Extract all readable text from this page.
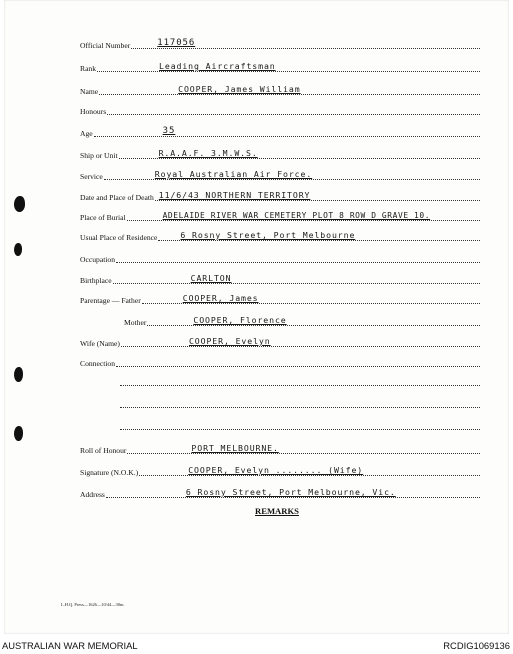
Official Number	117056
Rank	Leading Aircraftsman
Name	COOPER, James William
Honours
Age	35
Ship or Unit	R.A.A.F. 3.M.W.S.
Service	Royal Australian Air Force.
Date and Place of Death 11/6/43 NORTHERN TERRITORY
Place of Burial	ADELAIDE RIVER WAR CEMETERY PLOT 8 ROW D GRAVE 10.
Usual Place of Residence	6 Rosny Street, Port Melbourne
Occupation
Birthplace	CARLTON
Parentage — Father	COOPER, James
Mother	COOPER, Florence
Wife (Name)	COOPER, Evelyn
Connection
Roll of Honour	PORT MELBOURNE.
Signature (N.O.K.)	COOPER, Evelyn ........ (Wife)
Address	6 Rosny Street, Port Melbourne, Vic.
REMARKS
L.H.Q. Press—1626—10/44—30m.
AUSTRALIAN WAR MEMORIAL	RCDIG1069136
